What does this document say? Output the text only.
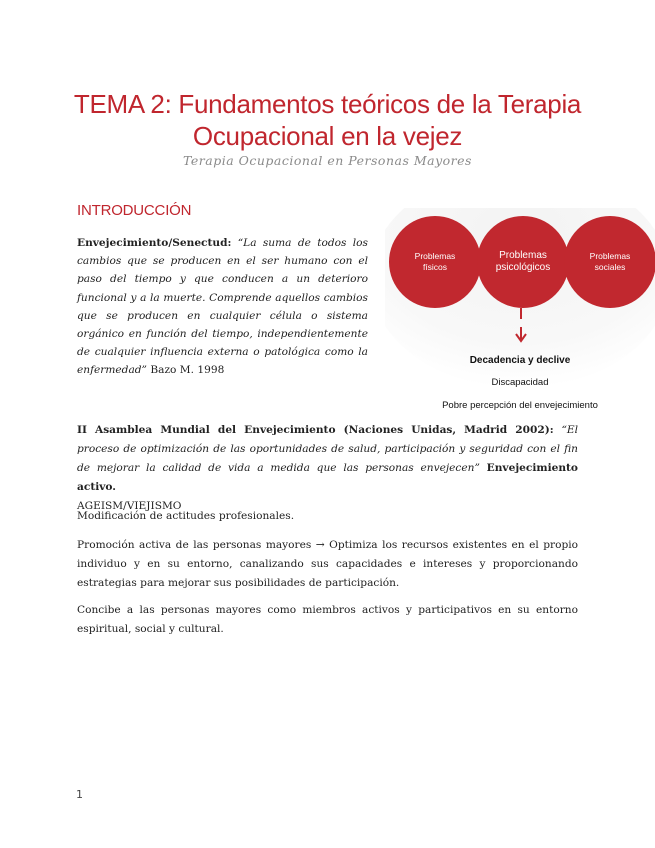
TEMA 2: Fundamentos teóricos de la Terapia
Ocupacional en la vejez
Terapia Ocupacional en Personas Mayores
INTRODUCCIÓN
Envejecimiento/Senectud: “La suma de todos los cambios que se producen en el ser humano con el paso del tiempo y que conducen a un deterioro funcional y a la muerte. Comprende aquellos cambios que se producen en cualquier célula o sistema orgánico en función del tiempo, independientemente de cualquier influencia externa o patológica como la enfermedad” Bazo M. 1998
Problemas
físicos
Problemas
psicológicos
Problemas
sociales
Decadencia y declive
Discapacidad
Pobre percepción del envejecimiento
II Asamblea Mundial del Envejecimiento (Naciones Unidas, Madrid 2002): “El proceso de optimización de las oportunidades de salud, participación y seguridad con el fin de mejorar la calidad de vida a medida que las personas envejecen” Envejecimiento activo.
AGEISM/VIEJISMO
Modificación de actitudes profesionales.
Promoción activa de las personas mayores → Optimiza los recursos existentes en el propio individuo y en su entorno, canalizando sus capacidades e intereses y proporcionando estrategias para mejorar sus posibilidades de participación.
Concibe a las personas mayores como miembros activos y participativos en su entorno espiritual, social y cultural.
1
